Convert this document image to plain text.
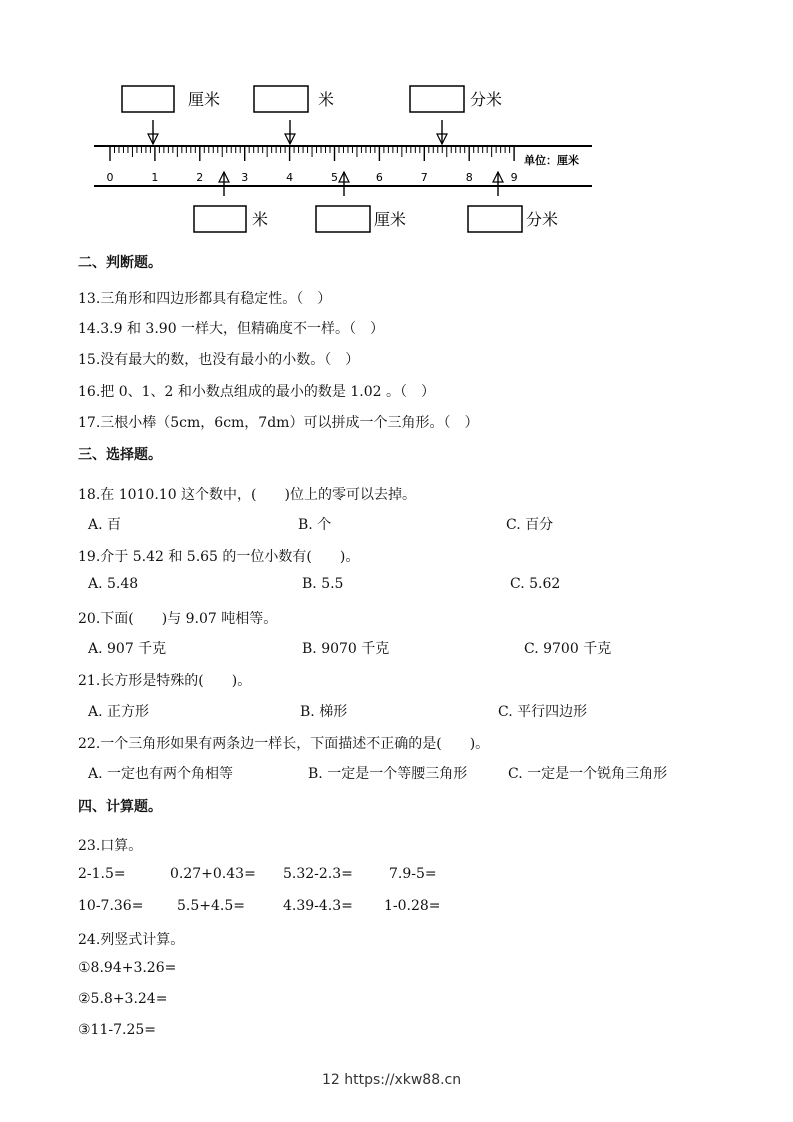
0	1	2	3	4	5	6	7	8	9
厘米	米	分米
单位：厘米
米	厘米	分米
二、判断题。
13.三角形和四边形都具有稳定性。（　）
14.3.9 和 3.90 一样大，但精确度不一样。（　）
15.没有最大的数，也没有最小的小数。（　）
16.把 0、1、2 和小数点组成的最小的数是 1.02 。（　）
17.三根小棒（5cm，6cm，7dm）可以拼成一个三角形。（　）
三、选择题。
18.在 1010.10 这个数中，(　　)位上的零可以去掉。
A. 百	B. 个	C. 百分
19.介于 5.42 和 5.65 的一位小数有(　　)。
A. 5.48	B. 5.5	C. 5.62
20.下面(　　)与 9.07 吨相等。
A. 907 千克	B. 9070 千克	C. 9700 千克
21.长方形是特殊的(　　)。
A. 正方形	B. 梯形	C. 平行四边形
22.一个三角形如果有两条边一样长，下面描述不正确的是(　　)。
A. 一定也有两个角相等	B. 一定是一个等腰三角形	C. 一定是一个锐角三角形
四、计算题。
23.口算。
2-1.5=	0.27+0.43= 5.32-2.3=	7.9-5=
10-7.36= 5.5+4.5=	4.39-4.3= 1-0.28=
24.列竖式计算。
①8.94+3.26=
②5.8+3.24=
③11-7.25=
12 https://xkw88.cn
